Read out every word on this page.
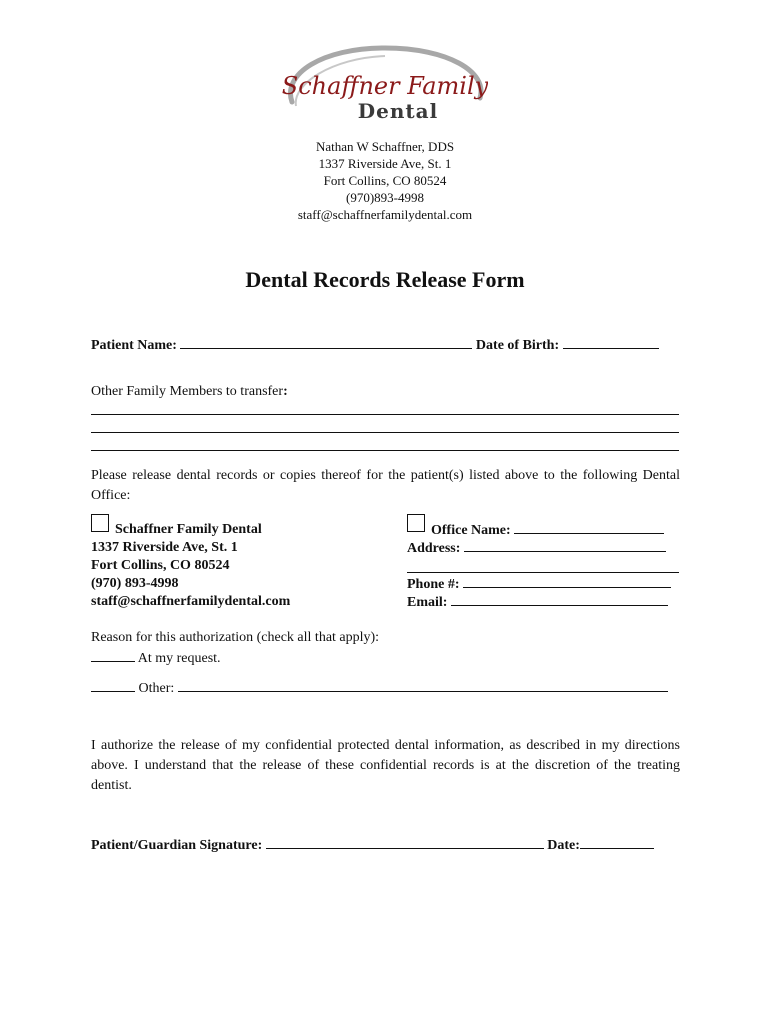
Schaffner Family
Dental
Nathan W Schaffner, DDS
1337 Riverside Ave, St. 1
Fort Collins, CO 80524
(970)893-4998
staff@schaffnerfamilydental.com
Dental Records Release Form
Patient Name:	Date of Birth:
Other Family Members to transfer:
Please release dental records or copies thereof for the patient(s) listed above to the following Dental Office:
Schaffner Family Dental
1337 Riverside Ave, St. 1
Fort Collins, CO 80524
(970) 893-4998
staff@schaffnerfamilydental.com
Office Name:
Address:
Phone #:
Email:
Reason for this authorization (check all that apply):
At my request.
Other:
I authorize the release of my confidential protected dental information, as described in my directions above. I understand that the release of these confidential records is at the discretion of the treating dentist.
Patient/Guardian Signature:	Date:
